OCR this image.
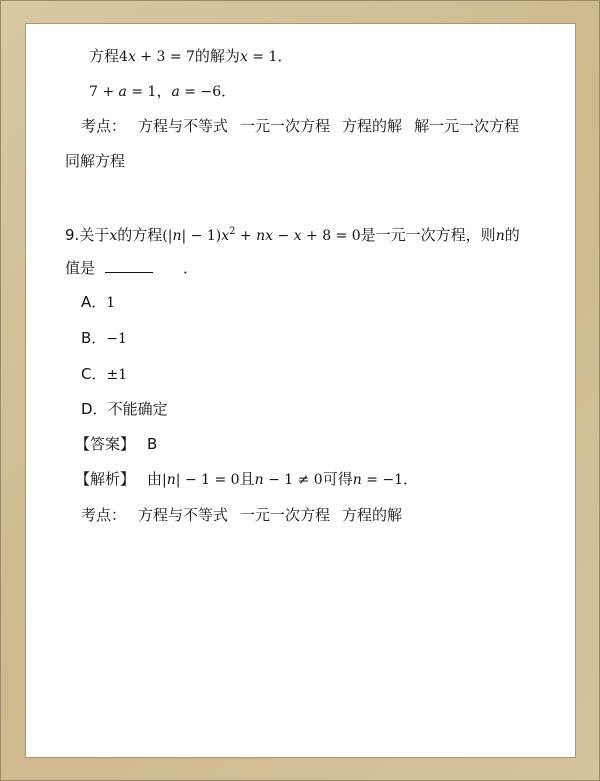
···	··· ···	·
方程4x + 3 = 7的解为x = 1．
7 + a = 1，a = −6．
考点： 方程与不等式 一元一次方程 方程的解 解一元一次方程
同解方程
9.关于x的方程$(|n| - 1)x^2$ + nx − x + 8 = 0是一元一次方程，则n的
值是	．
A．1
B．−1
C．±1
D．不能确定
【答案】 B
【解析】 由|n| − 1 = 0且n − 1 ≠ 0可得n = −1．
考点： 方程与不等式 一元一次方程 方程的解
